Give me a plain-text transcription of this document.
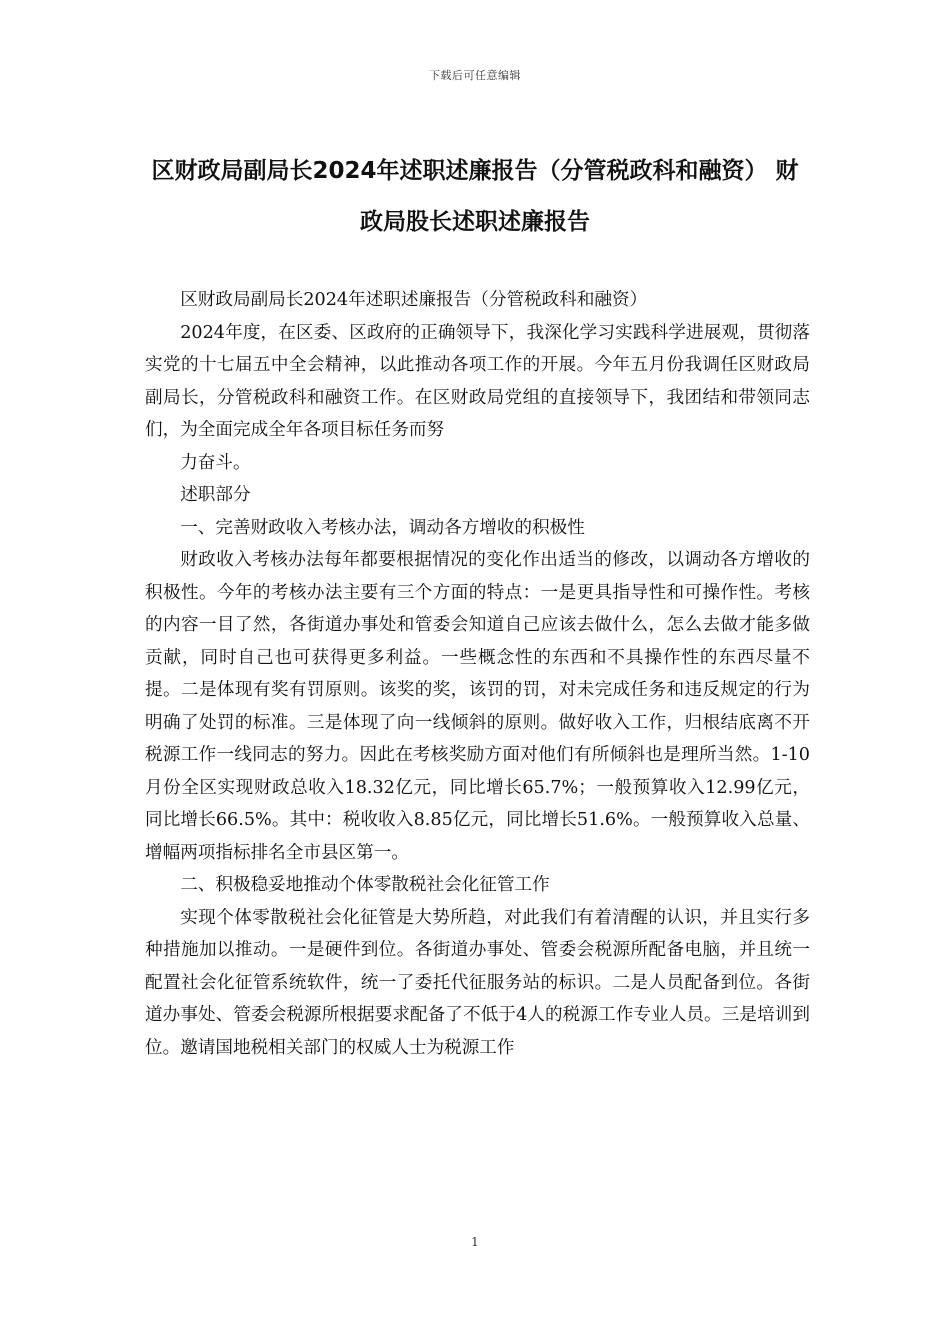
下载后可任意编辑
区财政局副局长2024年述职述廉报告（分管税政科和融资） 财政局股长述职述廉报告

区财政局副局长2024年述职述廉报告（分管税政科和融资）

2024年度，在区委、区政府的正确领导下，我深化学习实践科学进展观，贯彻落实党的十七届五中全会精神，以此推动各项工作的开展。今年五月份我调任区财政局副局长，分管税政科和融资工作。在区财政局党组的直接领导下，我团结和带领同志们，为全面完成全年各项目标任务而努

力奋斗。

述职部分

一、完善财政收入考核办法，调动各方增收的积极性

财政收入考核办法每年都要根据情况的变化作出适当的修改，以调动各方增收的积极性。今年的考核办法主要有三个方面的特点：一是更具指导性和可操作性。考核的内容一目了然，各街道办事处和管委会知道自己应该去做什么，怎么去做才能多做贡献，同时自己也可获得更多利益。一些概念性的东西和不具操作性的东西尽量不提。二是体现有奖有罚原则。该奖的奖，该罚的罚，对未完成任务和违反规定的行为明确了处罚的标准。三是体现了向一线倾斜的原则。做好收入工作，归根结底离不开税源工作一线同志的努力。因此在考核奖励方面对他们有所倾斜也是理所当然。1-10月份全区实现财政总收入18.32亿元，同比增长65.7%；一般预算收入12.99亿元，同比增长66.5%。其中：税收收入8.85亿元，同比增长51.6%。一般预算收入总量、增幅两项指标排名全市县区第一。

二、积极稳妥地推动个体零散税社会化征管工作

实现个体零散税社会化征管是大势所趋，对此我们有着清醒的认识，并且实行多种措施加以推动。一是硬件到位。各街道办事处、管委会税源所配备电脑，并且统一配置社会化征管系统软件，统一了委托代征服务站的标识。二是人员配备到位。各街道办事处、管委会税源所根据要求配备了不低于4人的税源工作专业人员。三是培训到位。邀请国地税相关部门的权威人士为税源工作

1
